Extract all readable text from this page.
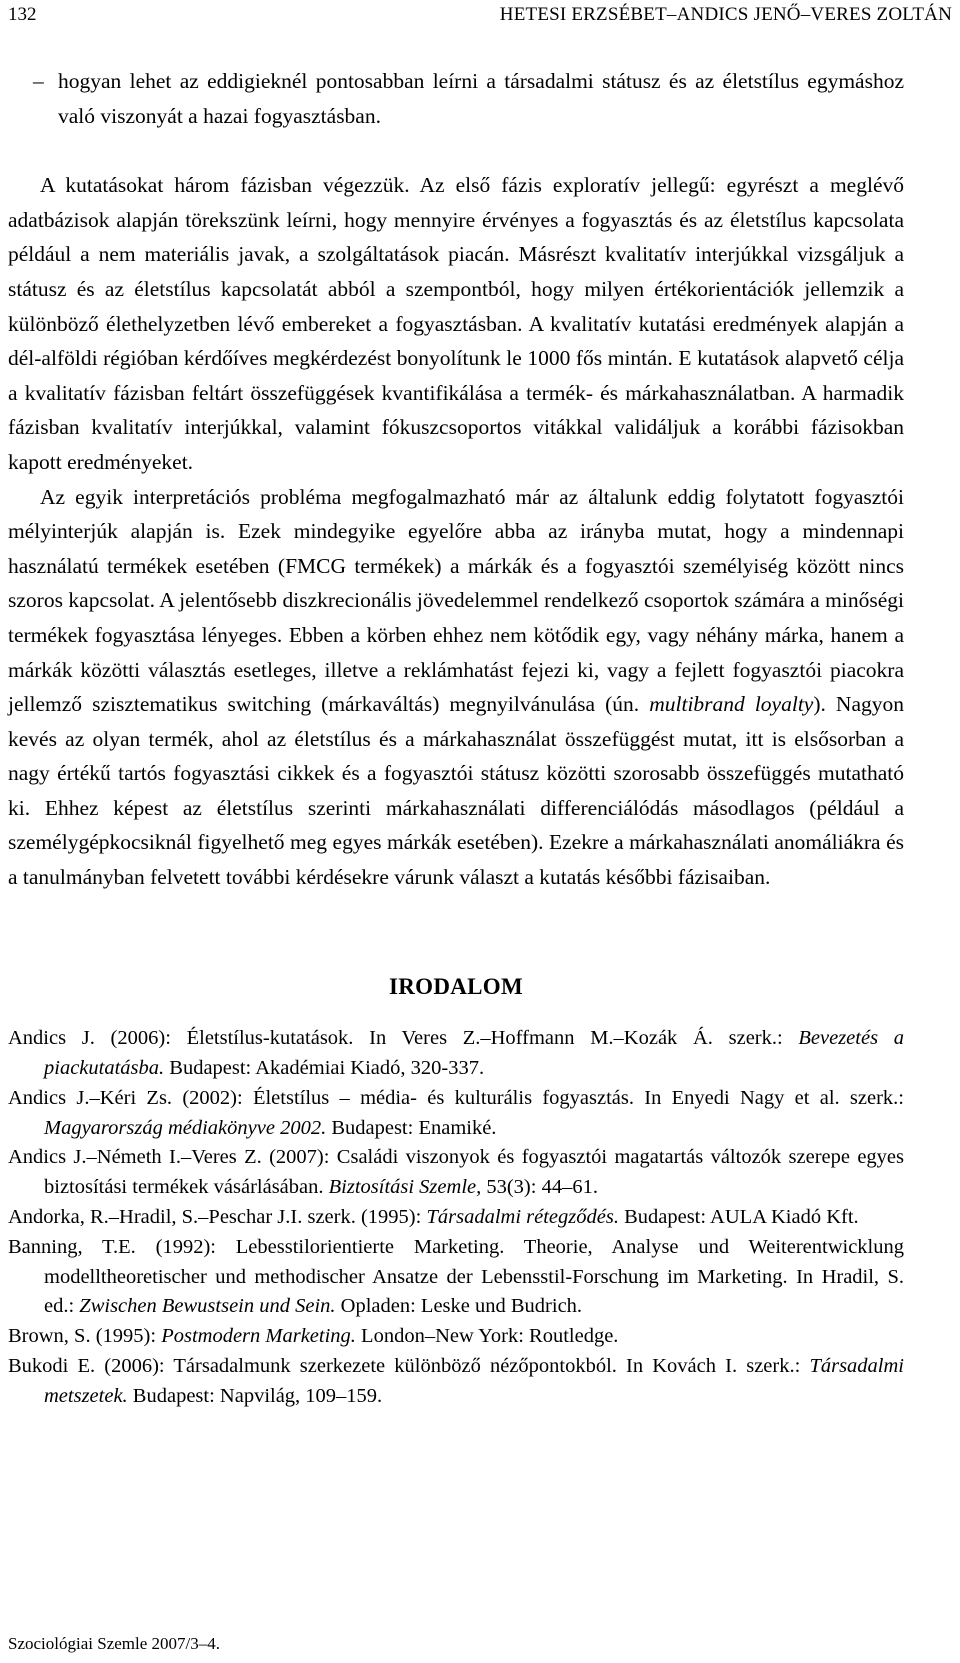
132	HETESI ERZSÉBET–ANDICS JENŐ–VERES ZOLTÁN

– hogyan lehet az eddigieknél pontosabban leírni a társadalmi státusz és az életstílus egymáshoz való viszonyát a hazai fogyasztásban.

A kutatásokat három fázisban végezzük. Az első fázis exploratív jellegű: egyrészt a meglévő adatbázisok alapján törekszünk leírni, hogy mennyire érvényes a fogyasztás és az életstílus kapcsolata például a nem materiális javak, a szolgáltatások piacán. Másrészt kvalitatív interjúkkal vizsgáljuk a státusz és az életstílus kapcsolatát abból a szempontból, hogy milyen értékorientációk jellemzik a különböző élethelyzetben lévő embereket a fogyasztásban. A kvalitatív kutatási eredmények alapján a dél-alföldi régióban kérdőíves megkérdezést bonyolítunk le 1000 fős mintán. E kutatások alapvető célja a kvalitatív fázisban feltárt összefüggések kvantifikálása a termék- és márkahasználatban. A harmadik fázisban kvalitatív interjúkkal, valamint fókuszcsoportos vitákkal validáljuk a korábbi fázisokban kapott eredményeket.

Az egyik interpretációs probléma megfogalmazható már az általunk eddig folytatott fogyasztói mélyinterjúk alapján is. Ezek mindegyike egyelőre abba az irányba mutat, hogy a mindennapi használatú termékek esetében (FMCG termékek) a márkák és a fogyasztói személyiség között nincs szoros kapcsolat. A jelentősebb diszkrecionális jövedelemmel rendelkező csoportok számára a minőségi termékek fogyasztása lényeges. Ebben a körben ehhez nem kötődik egy, vagy néhány márka, hanem a márkák közötti választás esetleges, illetve a reklámhatást fejezi ki, vagy a fejlett fogyasztói piacokra jellemző szisztematikus switching (márkaváltás) megnyilvánulása (ún. multibrand loyalty). Nagyon kevés az olyan termék, ahol az életstílus és a márkahasználat összefüggést mutat, itt is elsősorban a nagy értékű tartós fogyasztási cikkek és a fogyasztói státusz közötti szorosabb összefüggés mutatható ki. Ehhez képest az életstílus szerinti márkahasználati differenciálódás másodlagos (például a személygépkocsiknál figyelhető meg egyes márkák esetében). Ezekre a márkahasználati anomáliákra és a tanulmányban felvetett további kérdésekre várunk választ a kutatás későbbi fázisaiban.

IRODALOM

Andics J. (2006): Életstílus-kutatások. In Veres Z.–Hoffmann M.–Kozák Á. szerk.: Bevezetés a piackutatásba. Budapest: Akadémiai Kiadó, 320-337.

Andics J.–Kéri Zs. (2002): Életstílus – média- és kulturális fogyasztás. In Enyedi Nagy et al. szerk.: Magyarország médiakönyve 2002. Budapest: Enamiké.

Andics J.–Németh I.–Veres Z. (2007): Családi viszonyok és fogyasztói magatartás változók szerepe egyes biztosítási termékek vásárlásában. Biztosítási Szemle, 53(3): 44–61.

Andorka, R.–Hradil, S.–Peschar J.I. szerk. (1995): Társadalmi rétegződés. Budapest: AULA Kiadó Kft.

Banning, T.E. (1992): Lebesstilorientierte Marketing. Theorie, Analyse und Weiterentwicklung modelltheoretischer und methodischer Ansatze der Lebensstil-Forschung im Marketing. In Hradil, S. ed.: Zwischen Bewustsein und Sein. Opladen: Leske und Budrich.

Brown, S. (1995): Postmodern Marketing. London–New York: Routledge.

Bukodi E. (2006): Társadalmunk szerkezete különböző nézőpontokból. In Kovách I. szerk.: Társadalmi metszetek. Budapest: Napvilág, 109–159.

Szociológiai Szemle 2007/3–4.
